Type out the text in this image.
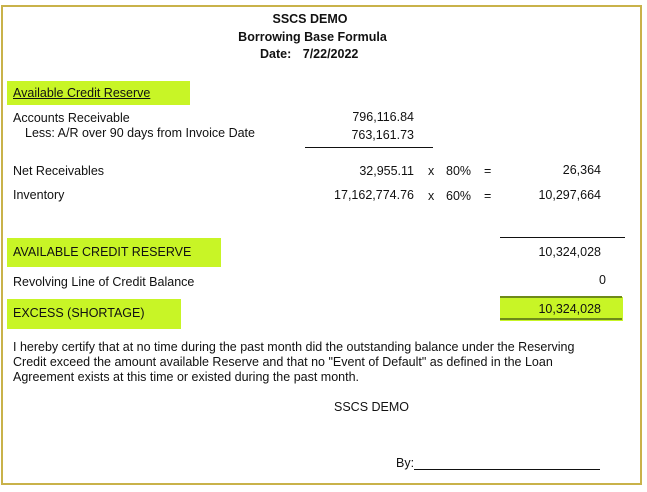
SSCS DEMO
Borrowing Base Formula
Date: 7/22/2022
Available Credit Reserve
Accounts Receivable	796,116.84
Less: A/R over 90 days from Invoice Date	763,161.73
Net Receivables	32,955.11 x 80% =	26,364
Inventory	17,162,774.76 x 60% =	10,297,664
AVAILABLE CREDIT RESERVE	10,324,028
Revolving Line of Credit Balance	0
EXCESS (SHORTAGE)	10,324,028
I hereby certify that at no time during the past month did the outstanding balance under the Reserving
Credit exceed the amount available Reserve and that no "Event of Default" as defined in the Loan
Agreement exists at this time or existed during the past month.
SSCS DEMO
By:
